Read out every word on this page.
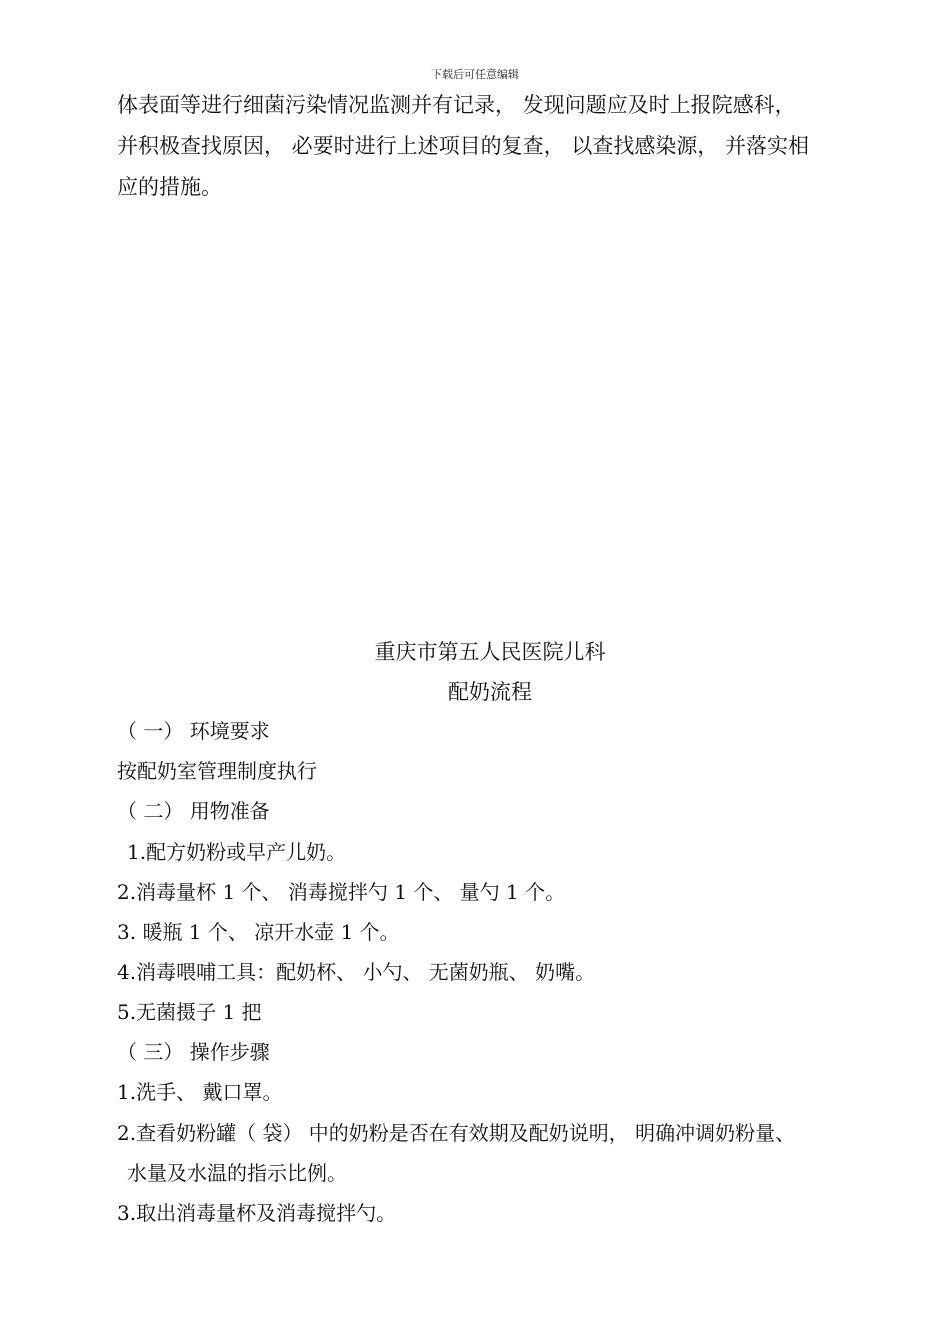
下载后可任意编辑
体表面等进行细菌污染情况监测并有记录， 发现问题应及时上报院感科，
并积极查找原因， 必要时进行上述项目的复查， 以查找感染源， 并落实相
应的措施。
重庆市第五人民医院儿科
配奶流程
（ 一） 环境要求
按配奶室管理制度执行
（ 二） 用物准备
1.配方奶粉或早产儿奶。
2.消毒量杯 1 个、 消毒搅拌勺 1 个、 量勺 1 个。
3. 暖瓶 1 个、 凉开水壶 1 个。
4.消毒喂哺工具：配奶杯、 小勺、 无菌奶瓶、 奶嘴。
5.无菌摄子 1 把
（ 三） 操作步骤
1.洗手、 戴口罩。
2.查看奶粉罐（ 袋） 中的奶粉是否在有效期及配奶说明， 明确冲调奶粉量、
水量及水温的指示比例。
3.取出消毒量杯及消毒搅拌勺。
